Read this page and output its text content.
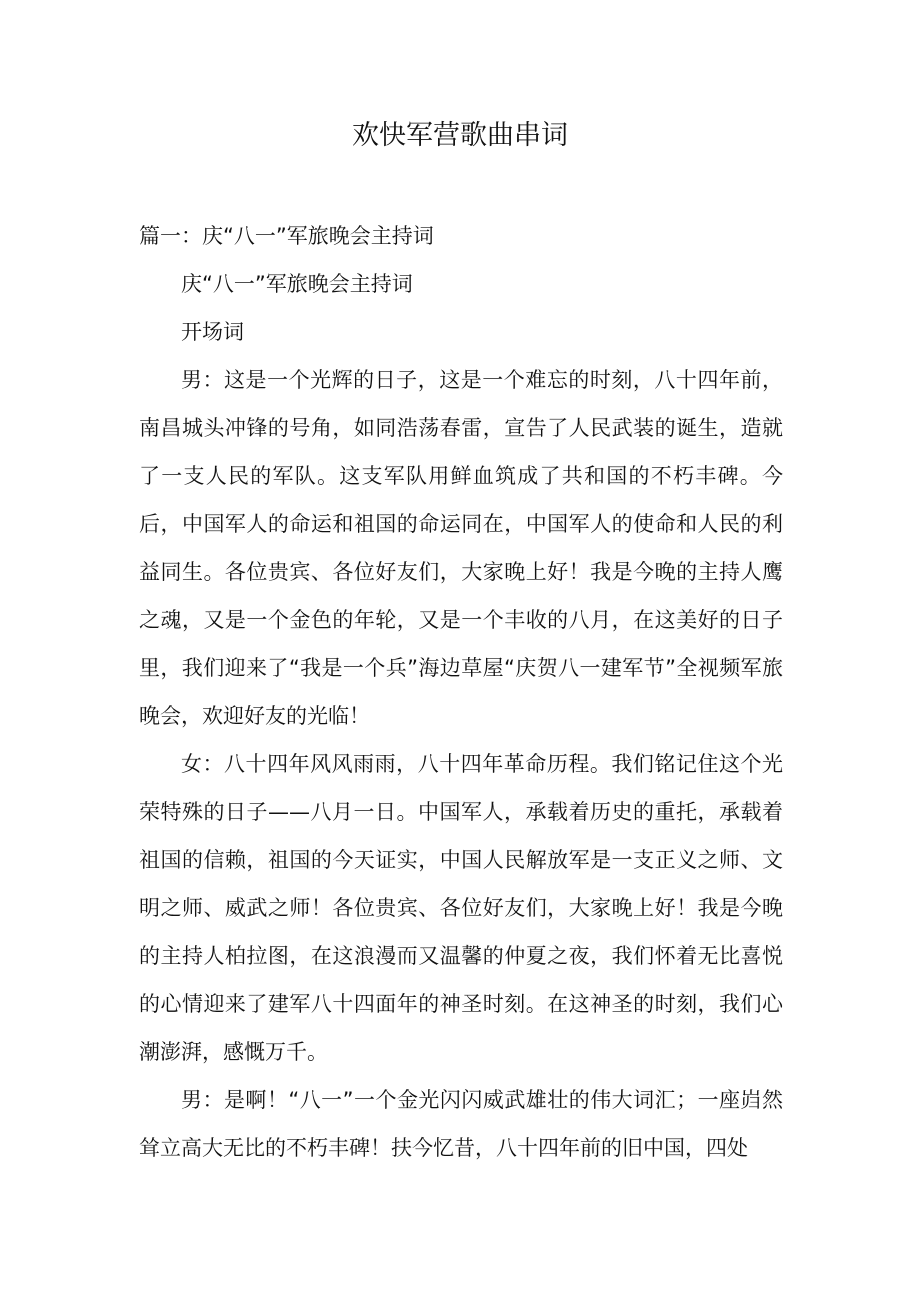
欢快军营歌曲串词

篇一：庆“八一”军旅晚会主持词

庆“八一”军旅晚会主持词

开场词

男：这是一个光辉的日子，这是一个难忘的时刻，八十四年前，南昌城头冲锋的号角，如同浩荡春雷，宣告了人民武装的诞生，造就了一支人民的军队。这支军队用鲜血筑成了共和国的不朽丰碑。今后，中国军人的命运和祖国的命运同在，中国军人的使命和人民的利益同生。各位贵宾、各位好友们，大家晚上好！我是今晚的主持人鹰之魂，又是一个金色的年轮，又是一个丰收的八月，在这美好的日子里，我们迎来了“我是一个兵”海边草屋“庆贺八一建军节”全视频军旅晚会，欢迎好友的光临！

女：八十四年风风雨雨，八十四年革命历程。我们铭记住这个光荣特殊的日子——八月一日。中国军人，承载着历史的重托，承载着祖国的信赖，祖国的今天证实，中国人民解放军是一支正义之师、文明之师、威武之师！各位贵宾、各位好友们，大家晚上好！我是今晚的主持人柏拉图，在这浪漫而又温馨的仲夏之夜，我们怀着无比喜悦的心情迎来了建军八十四面年的神圣时刻。在这神圣的时刻，我们心潮澎湃，感慨万千。

男：是啊！“八一”一个金光闪闪威武雄壮的伟大词汇；一座岿然耸立高大无比的不朽丰碑！扶今忆昔，八十四年前的旧中国，四处
